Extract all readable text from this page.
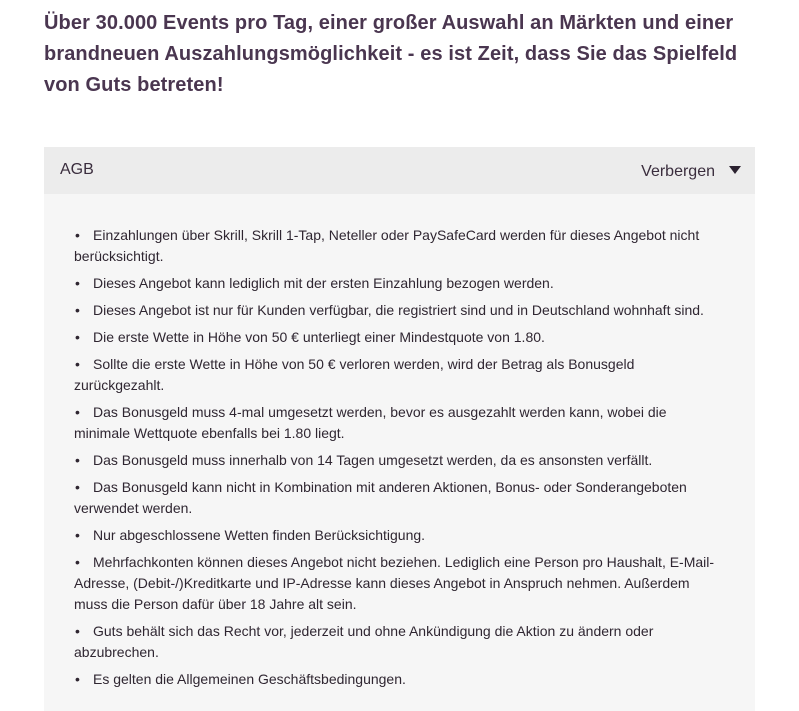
Über 30.000 Events pro Tag, einer großer Auswahl an Märkten und einer brandneuen Auszahlungsmöglichkeit - es ist Zeit, dass Sie das Spielfeld von Guts betreten!

AGB	Verbergen
• Einzahlungen über Skrill, Skrill 1-Tap, Neteller oder PaySafeCard werden für dieses Angebot nicht berücksichtigt.
• Dieses Angebot kann lediglich mit der ersten Einzahlung bezogen werden.
• Dieses Angebot ist nur für Kunden verfügbar, die registriert sind und in Deutschland wohnhaft sind.
• Die erste Wette in Höhe von 50 € unterliegt einer Mindestquote von 1.80.
• Sollte die erste Wette in Höhe von 50 € verloren werden, wird der Betrag als Bonusgeld zurückgezahlt.
• Das Bonusgeld muss 4-mal umgesetzt werden, bevor es ausgezahlt werden kann, wobei die minimale Wettquote ebenfalls bei 1.80 liegt.
• Das Bonusgeld muss innerhalb von 14 Tagen umgesetzt werden, da es ansonsten verfällt.
• Das Bonusgeld kann nicht in Kombination mit anderen Aktionen, Bonus- oder Sonderangeboten verwendet werden.
• Nur abgeschlossene Wetten finden Berücksichtigung.
• Mehrfachkonten können dieses Angebot nicht beziehen. Lediglich eine Person pro Haushalt, E-Mail-Adresse, (Debit-/)Kreditkarte und IP-Adresse kann dieses Angebot in Anspruch nehmen. Außerdem muss die Person dafür über 18 Jahre alt sein.
• Guts behält sich das Recht vor, jederzeit und ohne Ankündigung die Aktion zu ändern oder abzubrechen.
• Es gelten die Allgemeinen Geschäftsbedingungen.
